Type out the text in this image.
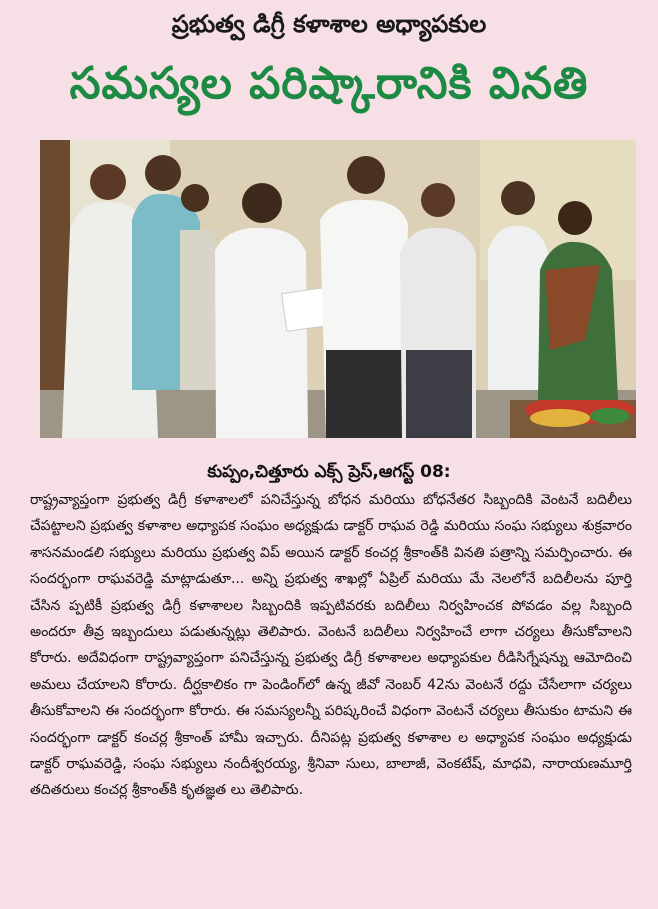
ప్రభుత్వ డిగ్రీ కళాశాల అధ్యాపకుల
సమస్యల పరిష్కారానికి వినతి
కుప్పం,చిత్తూరు ఎక్స్ ప్రెస్,ఆగస్ట్ 08:

రాష్ట్రవ్యాప్తంగా ప్రభుత్వ డిగ్రీ కళాశాలలో పనిచేస్తున్న బోధన మరియు బోధనేతర సిబ్బందికి వెంటనే బదిలీలు చేపట్టాలని ప్రభుత్వ కళాశాల అధ్యాపక సంఘం అధ్యక్షుడు డాక్టర్ రాఘవ రెడ్డి మరియు సంఘ సభ్యులు శుక్రవారం శాసనమండలి సభ్యులు మరియు ప్రభుత్వ విప్ అయిన డాక్టర్ కంచర్ల శ్రీకాంత్‌కి వినతి పత్రాన్ని సమర్పించారు. ఈ సందర్భంగా రాఘవరెడ్డి మాట్లాడుతూ... అన్ని ప్రభుత్వ శాఖల్లో ఏప్రిల్ మరియు మే నెలలోనే బదిలీలను పూర్తి చేసిన ప్పటికీ ప్రభుత్వ డిగ్రీ కళాశాలల సిబ్బందికి ఇప్పటివరకు బదిలీలు నిర్వహించక పోవడం వల్ల సిబ్బంది అందరూ తీవ్ర ఇబ్బందులు పడుతున్నట్లు తెలిపారు. వెంటనే బదిలీలు నిర్వహించే లాగా చర్యలు తీసుకోవాలని కోరారు. అదేవిధంగా రాష్ట్రవ్యాప్తంగా పనిచేస్తున్న ప్రభుత్వ డిగ్రీ కళాశాలల అధ్యాపకుల రీడిసిగ్నేషన్ను ఆమోదించి అమలు చేయాలని కోరారు. దీర్ఘకాలికం గా పెండింగ్‌లో ఉన్న జీవో నెంబర్ 42ను వెంటనే రద్దు చేసేలాగా చర్యలు తీసుకోవాలని ఈ సందర్భంగా కోరారు. ఈ సమస్యలన్నీ పరిష్కరించే విధంగా వెంటనే చర్యలు తీసుకుం టామని ఈ సందర్భంగా డాక్టర్ కంచర్ల శ్రీకాంత్ హామీ ఇచ్చారు. దీనిపట్ల ప్రభుత్వ కళాశాల ల అధ్యాపక సంఘం అధ్యక్షుడు డాక్టర్ రాఘవరెడ్డి, సంఘ సభ్యులు నందీశ్వరయ్య, శ్రీనివా సులు, బాలాజీ, వెంకటేష్, మాధవి, నారాయణమూర్తి తదితరులు కంచర్ల శ్రీకాంత్‌కి కృతజ్ఞత లు తెలిపారు.
